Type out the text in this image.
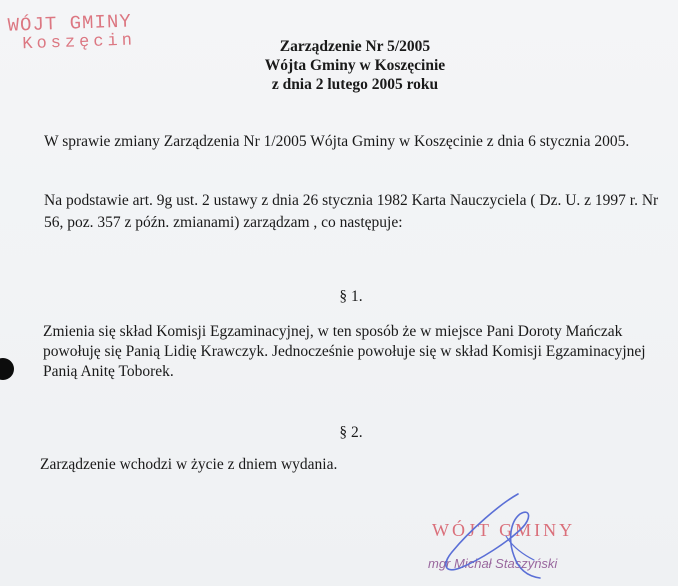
WÓJT GMINY
Koszęcin	Zarządzenie Nr 5/2005
Wójta Gminy w Koszęcinie
z dnia 2 lutego 2005 roku
W sprawie zmiany Zarządzenia Nr 1/2005 Wójta Gminy w Koszęcinie z dnia 6 stycznia 2005.
Na podstawie art. 9g ust. 2 ustawy z dnia 26 stycznia 1982 Karta Nauczyciela ( Dz. U. z 1997 r. Nr 56, poz. 357 z późn. zmianami) zarządzam , co następuje:
§ 1.
Zmienia się skład Komisji Egzaminacyjnej, w ten sposób że w miejsce Pani Doroty Mańczak powołuję się Panią Lidię Krawczyk. Jednocześnie powołuje się w skład Komisji Egzaminacyjnej Panią Anitę Toborek.
§ 2.
Zarządzenie wchodzi w życie z dniem wydania.
WÓJT GMINY
mgr Michał Staszyński
